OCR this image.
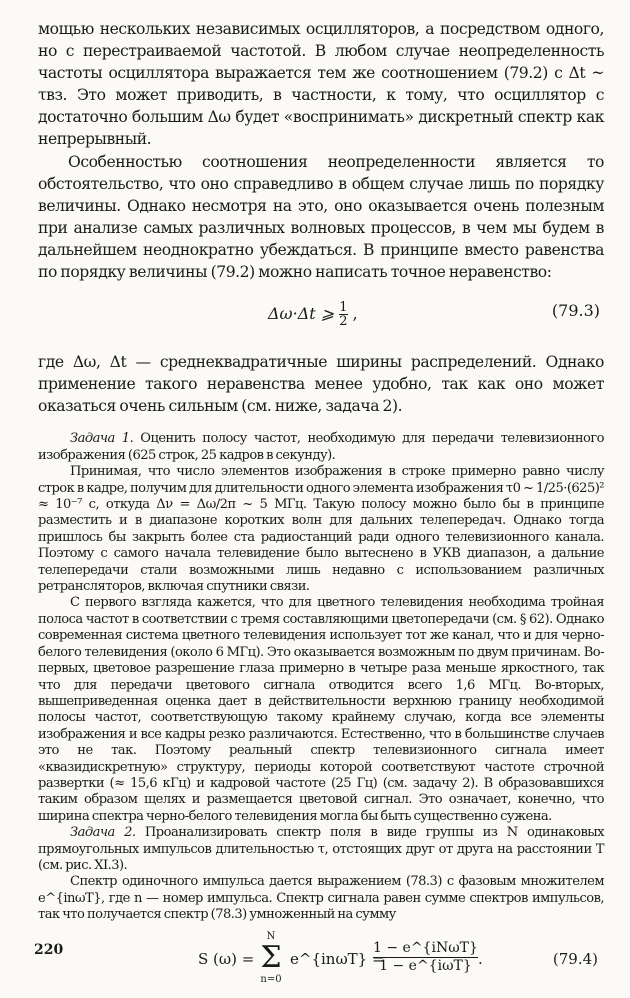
мощью нескольких независимых осцилляторов, а посредством одного, но с перестраиваемой частотой. В любом случае неопределенность частоты осциллятора выражается тем же соотношением (79.2) с Δt ~ τвз. Это может приводить, в частности, к тому, что осциллятор с достаточно большим Δω будет «воспринимать» дискретный спектр как непрерывный.

Особенностью соотношения неопределенности является то обстоятельство, что оно справедливо в общем случае лишь по порядку величины. Однако несмотря на это, оно оказывается очень полезным при анализе самых различных волновых процессов, в чем мы будем в дальнейшем неоднократно убеждаться. В принципе вместо равенства по порядку величины (79.2) можно написать точное неравенство:

Δω·Δt ⩾ $\frac{1}{2}$ ,	(79.3)

где Δω, Δt — среднеквадратичные ширины распределений. Однако применение такого неравенства менее удобно, так как оно может оказаться очень сильным (см. ниже, задача 2).

Задача 1. Оценить полосу частот, необходимую для передачи телевизионного изображения (625 строк, 25 кадров в секунду).

Принимая, что число элементов изображения в строке примерно равно числу строк в кадре, получим для длительности одного элемента изображения τ0 ~ 1/25·(625)² ≈ 10⁻⁷ с, откуда Δν = Δω/2π ~ 5 МГц. Такую полосу можно было бы в принципе разместить и в диапазоне коротких волн для дальних телепередач. Однако тогда пришлось бы закрыть более ста радиостанций ради одного телевизионного канала. Поэтому с самого начала телевидение было вытеснено в УКВ диапазон, а дальние телепередачи стали возможными лишь недавно с использованием различных ретрансляторов, включая спутники связи.

С первого взгляда кажется, что для цветного телевидения необходима тройная полоса частот в соответствии с тремя составляющими цветопередачи (см. § 62). Однако современная система цветного телевидения использует тот же канал, что и для черно-белого телевидения (около 6 МГц). Это оказывается возможным по двум причинам. Во-первых, цветовое разрешение глаза примерно в четыре раза меньше яркостного, так что для передачи цветового сигнала отводится всего 1,6 МГц. Во-вторых, вышеприведенная оценка дает в действительности верхнюю границу необходимой полосы частот, соответствующую такому крайнему случаю, когда все элементы изображения и все кадры резко различаются. Естественно, что в большинстве случаев это не так. Поэтому реальный спектр телевизионного сигнала имеет «квазидискретную» структуру, периоды которой соответствуют частоте строчной развертки (≈ 15,6 кГц) и кадровой частоте (25 Гц) (см. задачу 2). В образовавшихся таким образом щелях и размещается цветовой сигнал. Это означает, конечно, что ширина спектра черно-белого телевидения могла бы быть существенно сужена.

Задача 2. Проанализировать спектр поля в виде группы из N одинаковых прямоугольных импульсов длительностью τ, отстоящих друг от друга на расстоянии T (см. рис. XI.3).

Спектр одиночного импульса дается выражением (78.3) с фазовым множителем e^{inωT}, где n — номер импульса. Спектр сигнала равен сумме спектров импульсов, так что получается спектр (78.3) умноженный на сумму

S (ω) =
N
Σ
n=0
e^{inωT} =
1 − e^{iNωT}
1 − e^{iωT} .	(79.4)
220
